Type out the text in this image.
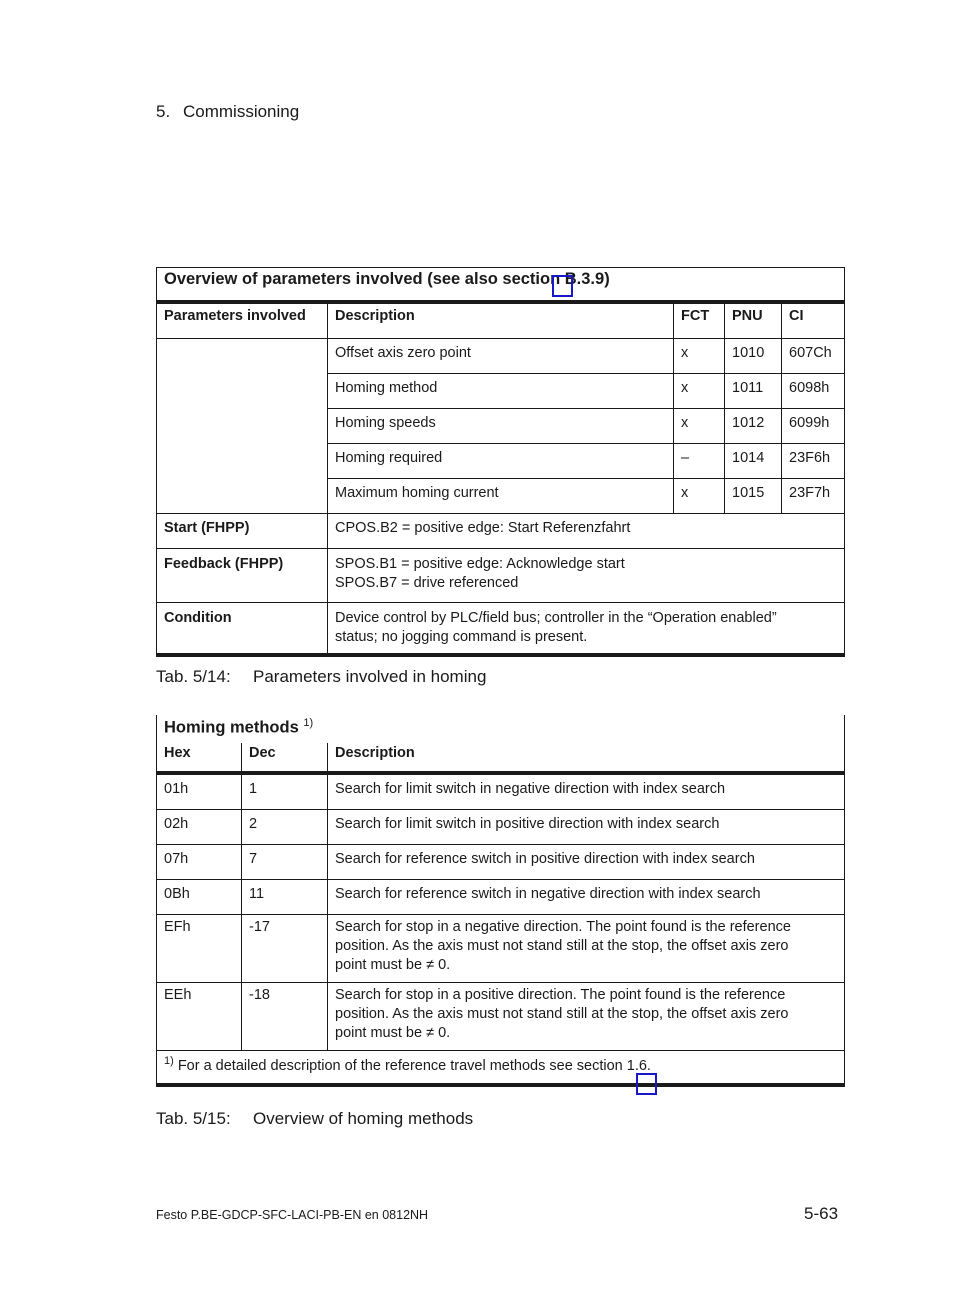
5. Commissioning
Overview of parameters involved (see also section B.3.9)				
Parameters involved	Description	FCT	PNU	CI
	Offset axis zero point	x	1010	607Ch
	Homing method	x	1011	6098h
	Homing speeds	x	1012	6099h
	Homing required	–	1014	23F6h
	Maximum homing current	x	1015	23F7h
Start (FHPP)	CPOS.B2 = positive edge: Start Referenzfahrt			
Feedback (FHPP)	SPOS.B1 = positive edge: Acknowledge start
SPOS.B7 = drive referenced			

Condition	Device control by PLC/field bus; controller in the “Operation enabled”
status; no jogging command is present.			
Tab. 5/14: Parameters involved in homing
Homing methods $^{1)}$
Hex	Dec	Description
01h	1	Search for limit switch in negative direction with index search
02h	2	Search for limit switch in positive direction with index search
07h	7	Search for reference switch in positive direction with index search
0Bh	11	Search for reference switch in negative direction with index search
EFh	-17	Search for stop in a negative direction. The point found is the reference
position. As the axis must not stand still at the stop, the offset axis zero
point must be ≠ 0.

EEh	-18	Search for stop in a positive direction. The point found is the reference
position. As the axis must not stand still at the stop, the offset axis zero
point must be ≠ 0.

$^{1)}$ For a detailed description of the reference travel methods see section 1.6.		
Tab. 5/15: Overview of homing methods
Festo P.BE-GDCP-SFC-LACI-PB-EN en 0812NH	5-63
